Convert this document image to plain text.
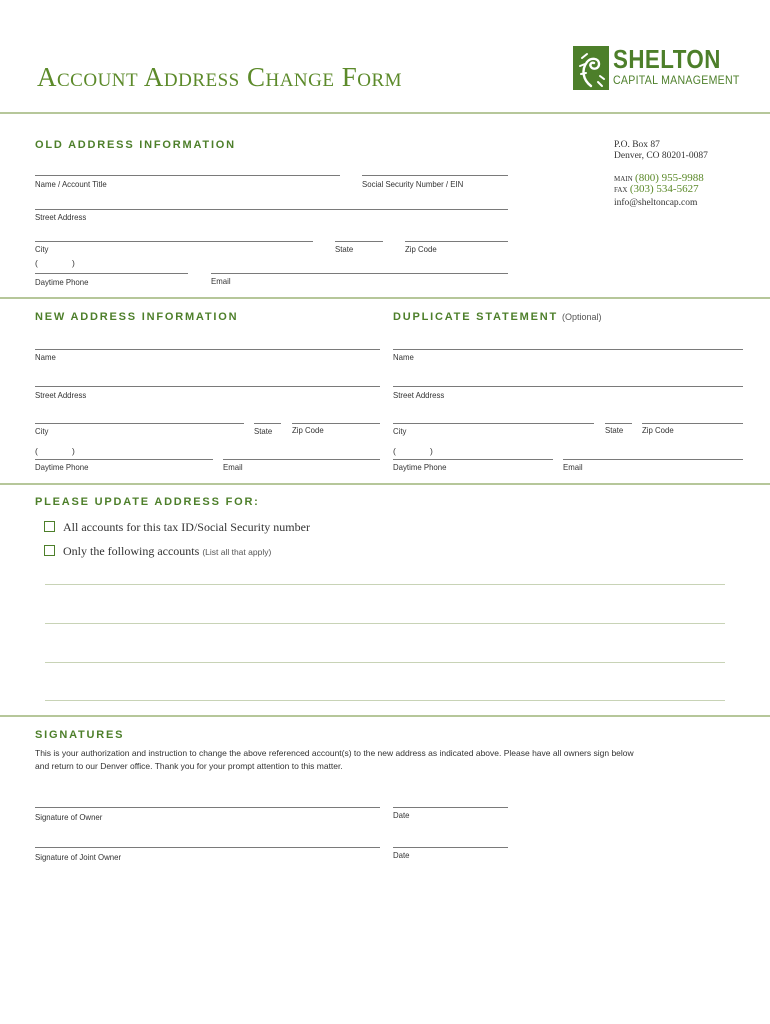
Account Address Change Form
SHELTON
CAPITAL MANAGEMENT
P.O. Box 87
Denver, CO 80201-0087
main (800) 955-9988
fax (303) 534-5627
info@sheltoncap.com
OLD ADDRESS INFORMATION
Name / Account Title	Social Security Number / EIN
Street Address
City	State	Zip Code
(	)
Daytime Phone	Email
NEW ADDRESS INFORMATION
Name
Street Address
City	State Zip Code
(	)
Daytime Phone	Email
DUPLICATE STATEMENT (Optional)
Name
Street Address
City	State Zip Code
(	)
Daytime Phone	Email
PLEASE UPDATE ADDRESS FOR:
All accounts for this tax ID/Social Security number
Only the following accounts (List all that apply)
SIGNATURES
This is your authorization and instruction to change the above referenced account(s) to the new address as indicated above. Please have all owners sign below and return to our Denver office. Thank you for your prompt attention to this matter.
Signature of Owner	Date
Signature of Joint Owner	Date
